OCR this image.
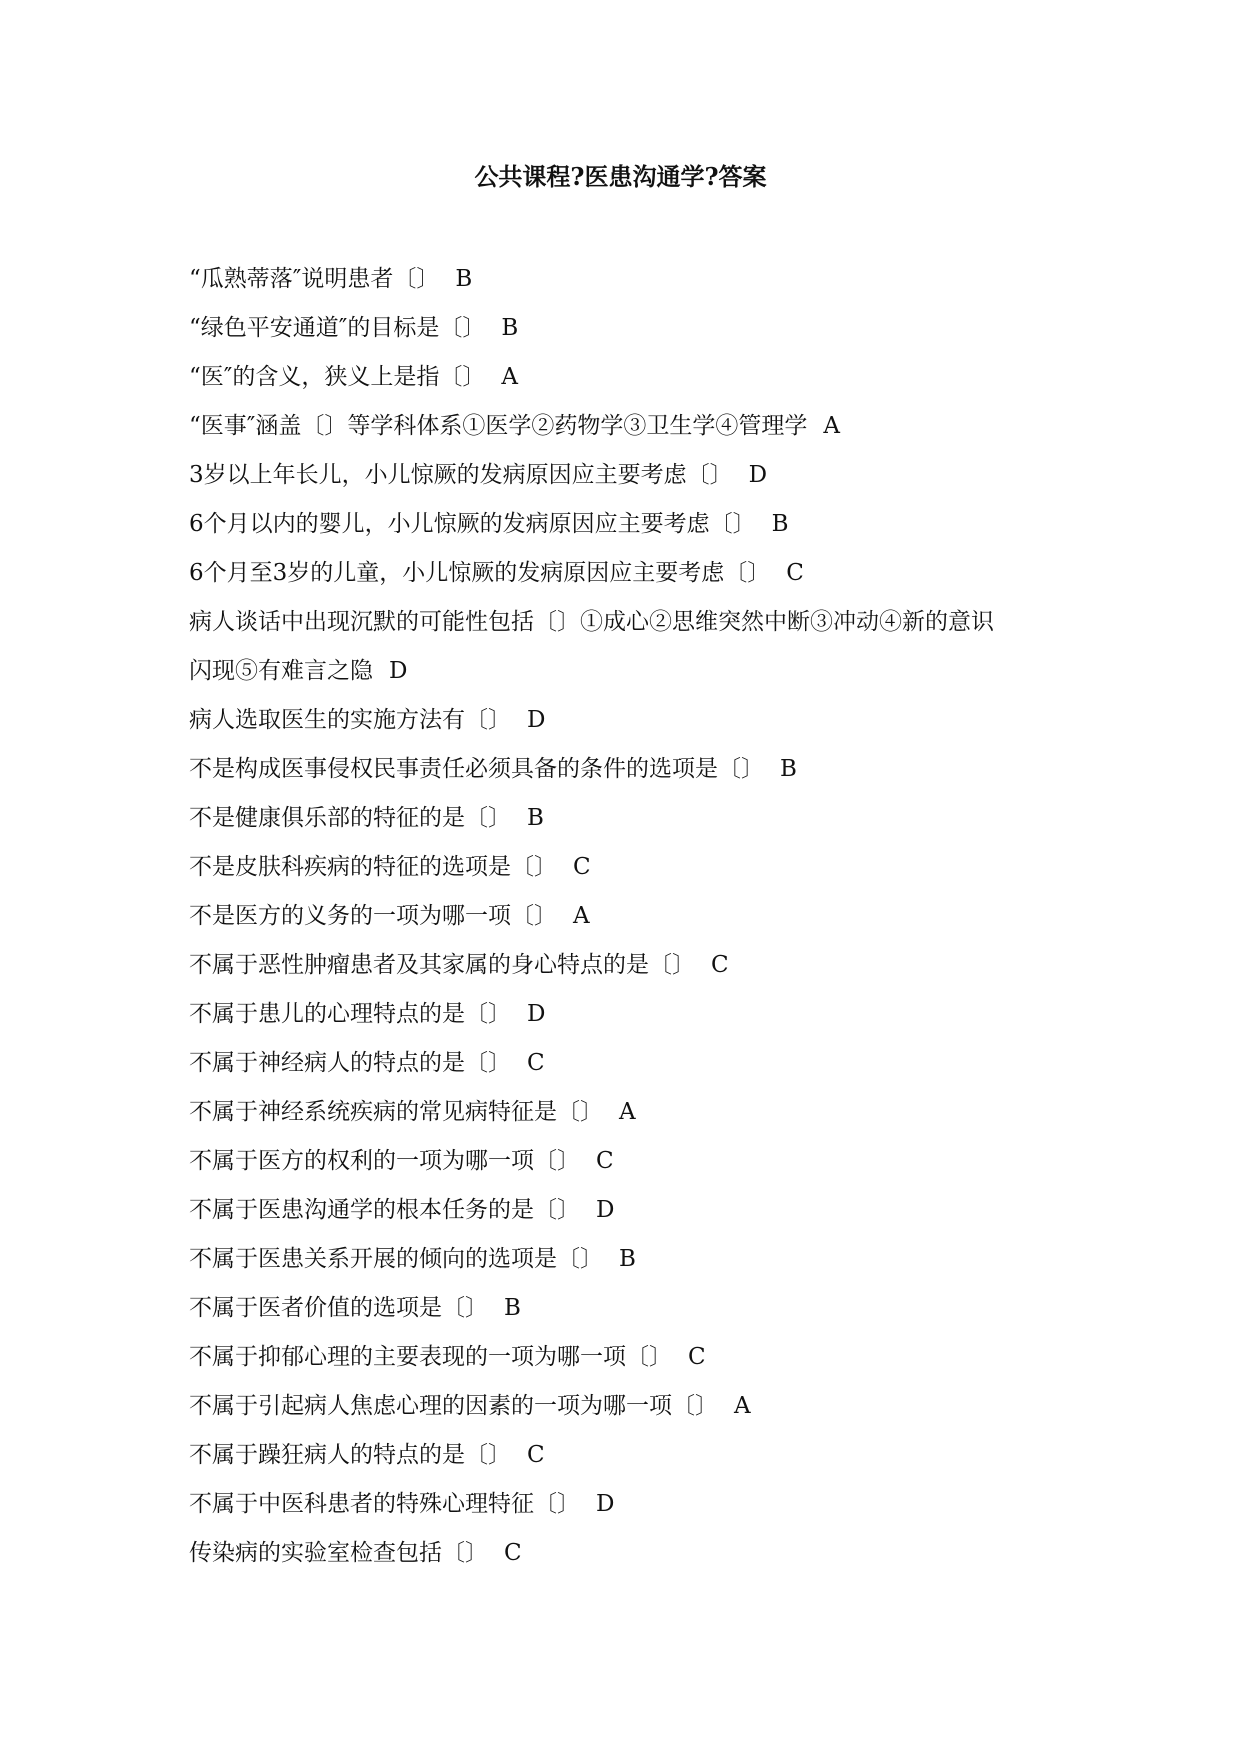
公共课程?医患沟通学?答案
“瓜熟蒂落″说明患者〔〕 B
“绿色平安通道″的目标是〔〕 B
“医″的含义，狭义上是指〔〕 A
“医事″涵盖〔〕等学科体系①医学②药物学③卫生学④管理学 A
3岁以上年长儿，小儿惊厥的发病原因应主要考虑〔〕 D
6个月以内的婴儿，小儿惊厥的发病原因应主要考虑〔〕 B
6个月至3岁的儿童，小儿惊厥的发病原因应主要考虑〔〕 C
病人谈话中出现沉默的可能性包括〔〕①成心②思维突然中断③冲动④新的意识
闪现⑤有难言之隐 D
病人选取医生的实施方法有〔〕 D
不是构成医事侵权民事责任必须具备的条件的选项是〔〕 B
不是健康俱乐部的特征的是〔〕 B
不是皮肤科疾病的特征的选项是〔〕 C
不是医方的义务的一项为哪一项〔〕 A
不属于恶性肿瘤患者及其家属的身心特点的是〔〕 C
不属于患儿的心理特点的是〔〕 D
不属于神经病人的特点的是〔〕 C
不属于神经系统疾病的常见病特征是〔〕 A
不属于医方的权利的一项为哪一项〔〕 C
不属于医患沟通学的根本任务的是〔〕 D
不属于医患关系开展的倾向的选项是〔〕 B
不属于医者价值的选项是〔〕 B
不属于抑郁心理的主要表现的一项为哪一项〔〕 C
不属于引起病人焦虑心理的因素的一项为哪一项〔〕 A
不属于躁狂病人的特点的是〔〕 C
不属于中医科患者的特殊心理特征〔〕 D
传染病的实验室检查包括〔〕 C
